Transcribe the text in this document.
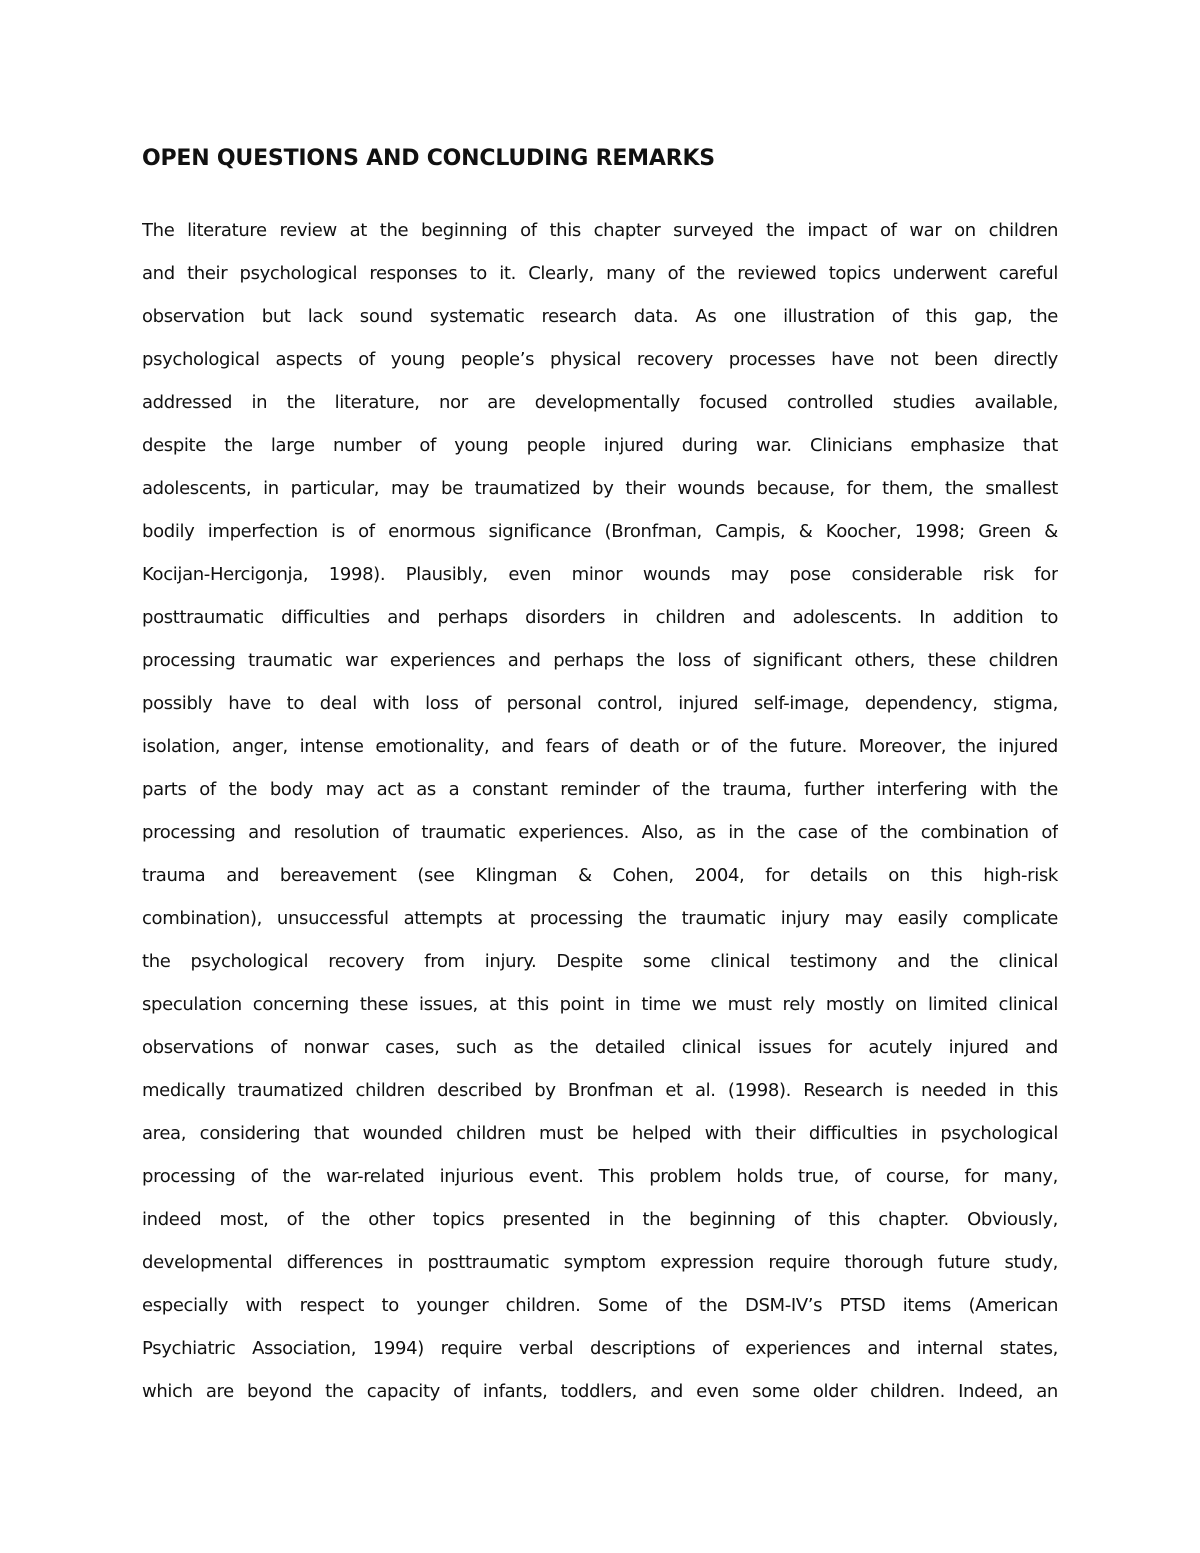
OPEN QUESTIONS AND CONCLUDING REMARKS
The literature review at the beginning of this chapter surveyed the impact of war on children
and their psychological responses to it. Clearly, many of the reviewed topics underwent careful
observation but lack sound systematic research data. As one illustration of this gap, the
psychological aspects of young people’s physical recovery processes have not been directly
addressed in the literature, nor are developmentally focused controlled studies available,
despite the large number of young people injured during war. Clinicians emphasize that
adolescents, in particular, may be traumatized by their wounds because, for them, the smallest
bodily imperfection is of enormous significance (Bronfman, Campis, & Koocher, 1998; Green &
Kocijan-Hercigonja, 1998). Plausibly, even minor wounds may pose considerable risk for
posttraumatic difficulties and perhaps disorders in children and adolescents. In addition to
processing traumatic war experiences and perhaps the loss of significant others, these children
possibly have to deal with loss of personal control, injured self-image, dependency, stigma,
isolation, anger, intense emotionality, and fears of death or of the future. Moreover, the injured
parts of the body may act as a constant reminder of the trauma, further interfering with the
processing and resolution of traumatic experiences. Also, as in the case of the combination of
trauma and bereavement (see Klingman & Cohen, 2004, for details on this high-risk
combination), unsuccessful attempts at processing the traumatic injury may easily complicate
the psychological recovery from injury. Despite some clinical testimony and the clinical
speculation concerning these issues, at this point in time we must rely mostly on limited clinical
observations of nonwar cases, such as the detailed clinical issues for acutely injured and
medically traumatized children described by Bronfman et al. (1998). Research is needed in this
area, considering that wounded children must be helped with their difficulties in psychological
processing of the war-related injurious event. This problem holds true, of course, for many,
indeed most, of the other topics presented in the beginning of this chapter. Obviously,
developmental differences in posttraumatic symptom expression require thorough future study,
especially with respect to younger children. Some of the DSM-IV’s PTSD items (American
Psychiatric Association, 1994) require verbal descriptions of experiences and internal states,
which are beyond the capacity of infants, toddlers, and even some older children. Indeed, an
